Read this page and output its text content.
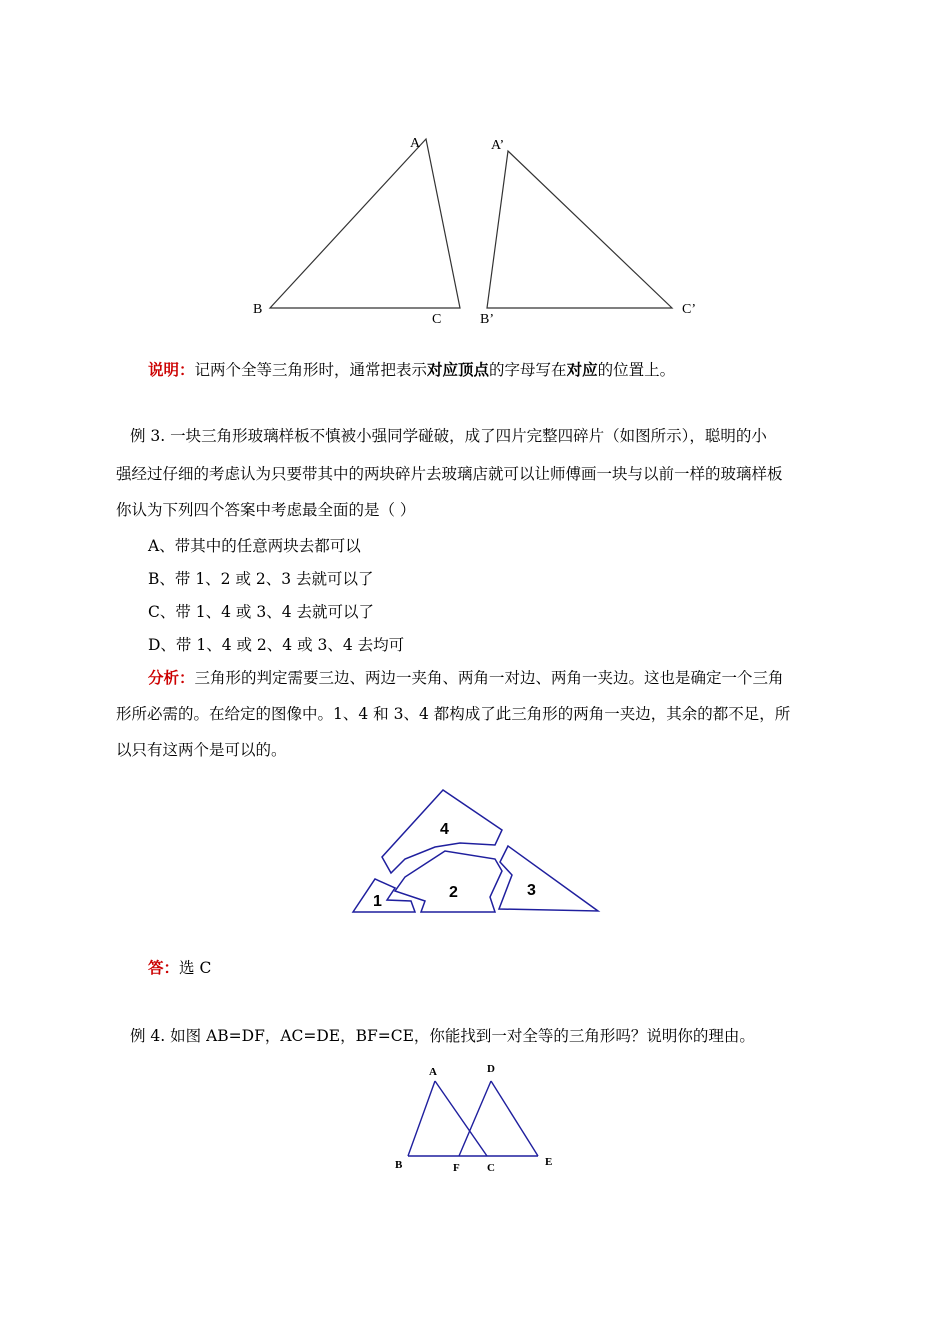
A
B
C
A’
B’
C’
说明：记两个全等三角形时，通常把表示对应顶点的字母写在对应的位置上。
例 3. 一块三角形玻璃样板不慎被小强同学碰破，成了四片完整四碎片（如图所示），聪明的小
强经过仔细的考虑认为只要带其中的两块碎片去玻璃店就可以让师傅画一块与以前一样的玻璃样板
你认为下列四个答案中考虑最全面的是（ ）
A、带其中的任意两块去都可以
B、带 1、2 或 2、3 去就可以了
C、带 1、4 或 3、4 去就可以了
D、带 1、4 或 2、4 或 3、4 去均可
分析：三角形的判定需要三边、两边一夹角、两角一对边、两角一夹边。这也是确定一个三角
形所必需的。在给定的图像中。1、4 和 3、4 都构成了此三角形的两角一夹边，其余的都不足，所
以只有这两个是可以的。
4
1
2	3
答：选 C
例 4. 如图 AB=DF，AC=DE，BF=CE，你能找到一对全等的三角形吗？说明你的理由。
A	D
B	F C	E
